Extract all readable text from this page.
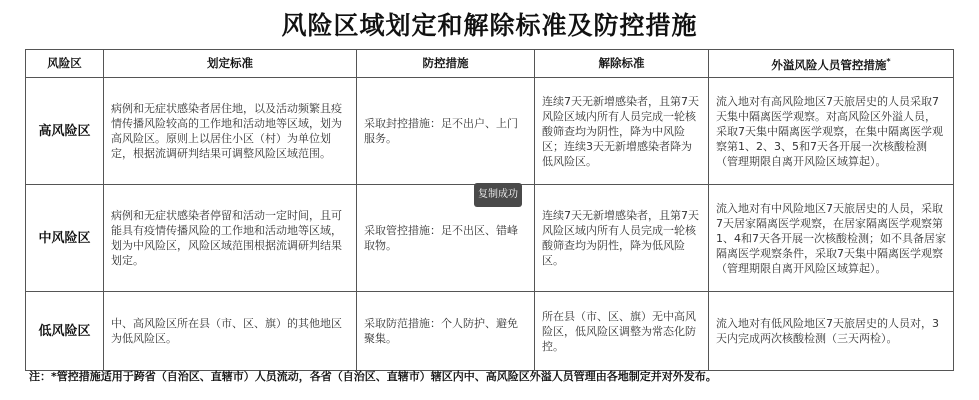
风险区域划定和解除标准及防控措施
风险区	划定标准	防控措施	解除标准	外溢风险人员管控措施*
高风险区	病例和无症状感染者居住地，以及活动频繁且疫情传播风险较高的工作地和活动地等区域，划为高风险区。原则上以居住小区（村）为单位划定，根据流调研判结果可调整风险区域范围。	采取封控措施：足不出户、上门服务。	连续7天无新增感染者，且第7天风险区域内所有人员完成一轮核酸筛查均为阴性，降为中风险区；连续3天无新增感染者降为低风险区。	流入地对有高风险地区7天旅居史的人员采取7天集中隔离医学观察。对高风险区外溢人员，采取7天集中隔离医学观察，在集中隔离医学观察第1、2、3、5和7天各开展一次核酸检测（管理期限自离开风险区域算起）。
中风险区	病例和无症状感染者停留和活动一定时间，且可能具有疫情传播风险的工作地和活动地等区域，划为中风险区，风险区域范围根据流调研判结果划定。	采取管控措施：足不出区、错峰取物。	连续7天无新增感染者，且第7天风险区域内所有人员完成一轮核酸筛查均为阴性，降为低风险区。	流入地对有中风险地区7天旅居史的人员，采取7天居家隔离医学观察，在居家隔离医学观察第1、4和7天各开展一次核酸检测；如不具备居家隔离医学观察条件，采取7天集中隔离医学观察（管理期限自离开风险区域算起）。
低风险区	中、高风险区所在县（市、区、旗）的其他地区为低风险区。	采取防范措施：个人防护、避免聚集。	所在县（市、区、旗）无中高风险区，低风险区调整为常态化防控。	流入地对有低风险地区7天旅居史的人员对，3天内完成两次核酸检测（三天两检）。
复制成功
注：*管控措施适用于跨省（自治区、直辖市）人员流动，各省（自治区、直辖市）辖区内中、高风险区外溢人员管理由各地制定并对外发布。
